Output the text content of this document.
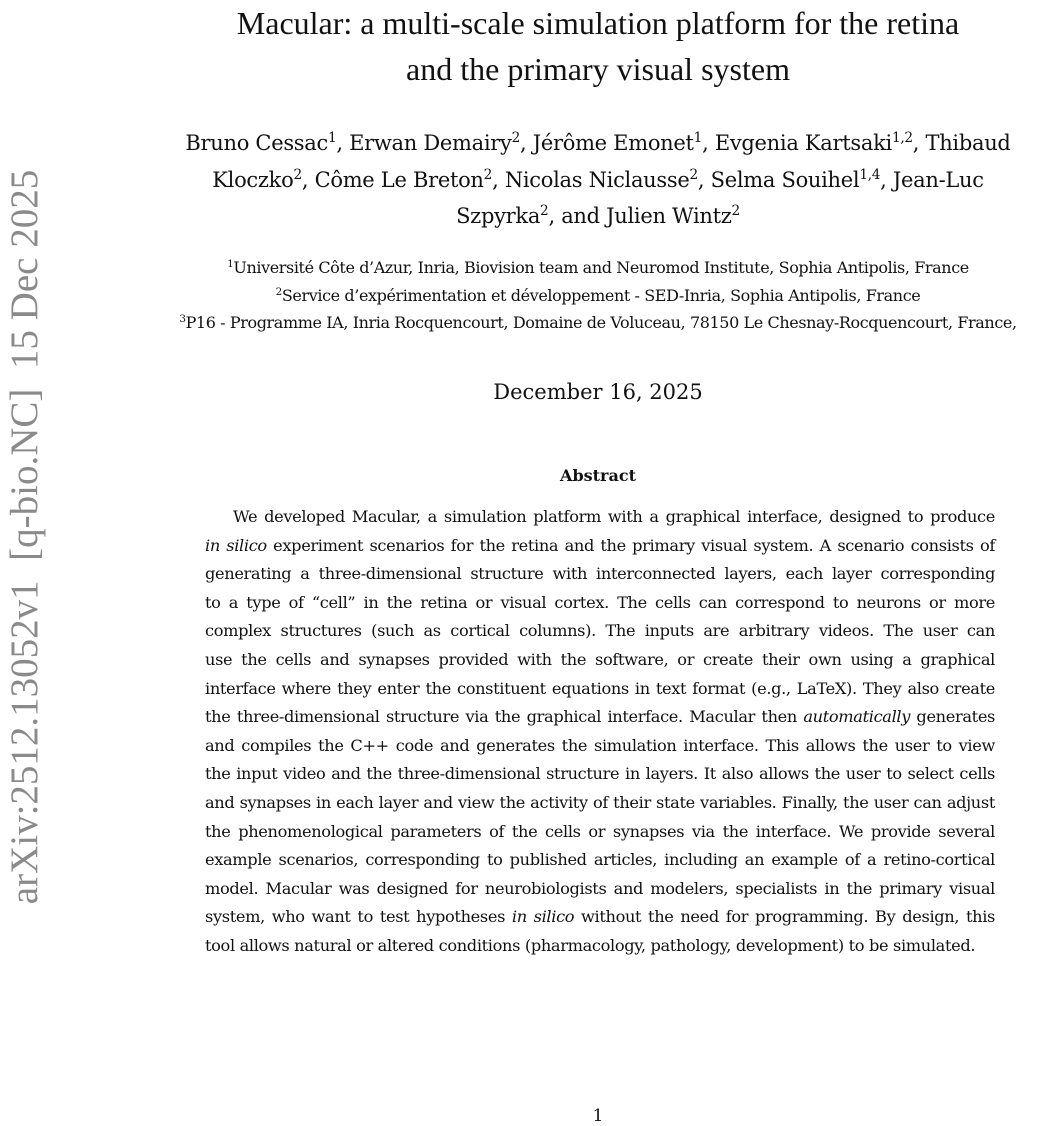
arXiv:2512.13052v1  [q-bio.NC]  15 Dec 2025
Macular: a multi-scale simulation platform for the retina
and the primary visual system
Bruno Cessac$^1$, Erwan Demairy$^2$, Jérôme Emonet$^1$, Evgenia Kartsaki$^{1,2}$, Thibaud
Kloczko$^2$, Côme Le Breton$^2$, Nicolas Niclausse$^2$, Selma Souihel$^{1,4}$, Jean-Luc
Szpyrka$^2$, and Julien Wintz$^2$
$^1$Université Côte d’Azur, Inria, Biovision team and Neuromod Institute, Sophia Antipolis, France
$^2$Service d’expérimentation et développement - SED-Inria, Sophia Antipolis, France
$^3$P16 - Programme IA, Inria Rocquencourt, Domaine de Voluceau, 78150 Le Chesnay-Rocquencourt, France,
December 16, 2025
Abstract
We developed Macular, a simulation platform with a graphical interface, designed to produce
in silico experiment scenarios for the retina and the primary visual system. A scenario consists of
generating a three-dimensional structure with interconnected layers, each layer corresponding
to a type of “cell” in the retina or visual cortex. The cells can correspond to neurons or more
complex structures (such as cortical columns). The inputs are arbitrary videos. The user can
use the cells and synapses provided with the software, or create their own using a graphical
interface where they enter the constituent equations in text format (e.g., LaTeX). They also create
the three-dimensional structure via the graphical interface. Macular then automatically generates
and compiles the C++ code and generates the simulation interface. This allows the user to view
the input video and the three-dimensional structure in layers. It also allows the user to select cells
and synapses in each layer and view the activity of their state variables. Finally, the user can adjust
the phenomenological parameters of the cells or synapses via the interface. We provide several
example scenarios, corresponding to published articles, including an example of a retino-cortical
model. Macular was designed for neurobiologists and modelers, specialists in the primary visual
system, who want to test hypotheses in silico without the need for programming. By design, this
tool allows natural or altered conditions (pharmacology, pathology, development) to be simulated.
1
